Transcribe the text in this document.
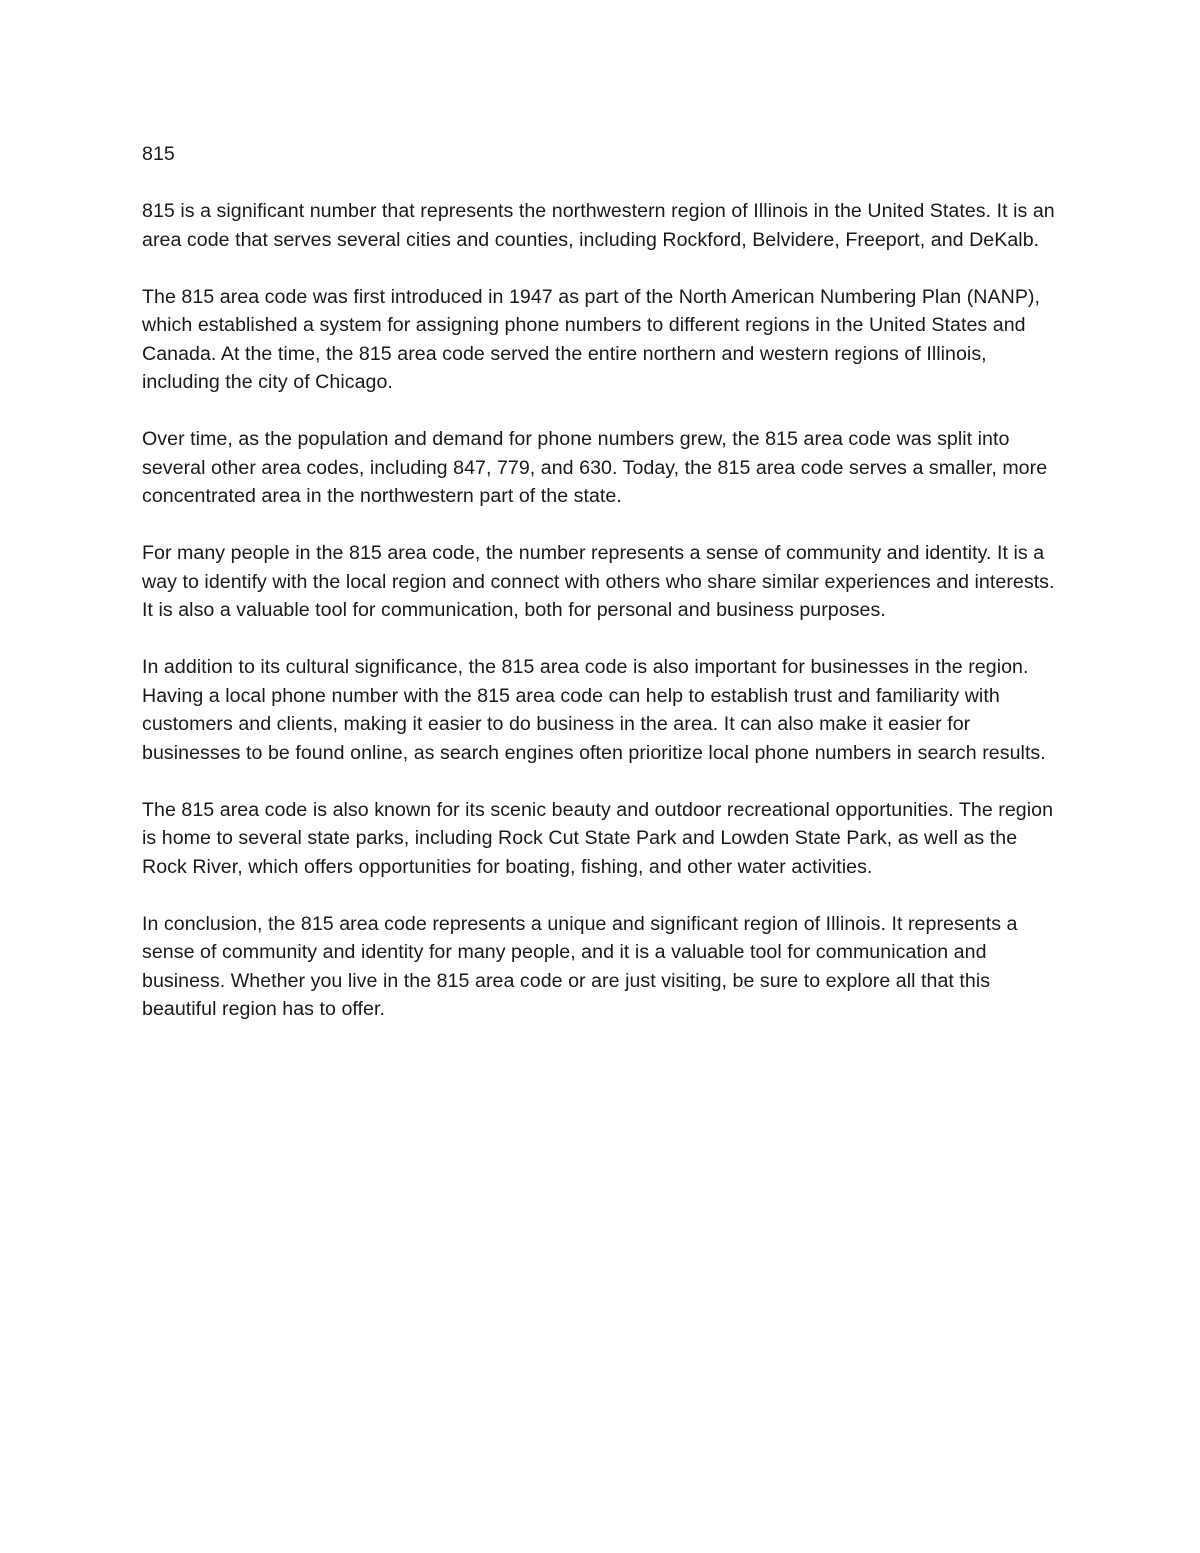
815

815 is a significant number that represents the northwestern region of Illinois in the United States. It is an area code that serves several cities and counties, including Rockford, Belvidere, Freeport, and DeKalb.

The 815 area code was first introduced in 1947 as part of the North American Numbering Plan (NANP), which established a system for assigning phone numbers to different regions in the United States and Canada. At the time, the 815 area code served the entire northern and western regions of Illinois, including the city of Chicago.

Over time, as the population and demand for phone numbers grew, the 815 area code was split into several other area codes, including 847, 779, and 630. Today, the 815 area code serves a smaller, more concentrated area in the northwestern part of the state.

For many people in the 815 area code, the number represents a sense of community and identity. It is a way to identify with the local region and connect with others who share similar experiences and interests. It is also a valuable tool for communication, both for personal and business purposes.

In addition to its cultural significance, the 815 area code is also important for businesses in the region. Having a local phone number with the 815 area code can help to establish trust and familiarity with customers and clients, making it easier to do business in the area. It can also make it easier for businesses to be found online, as search engines often prioritize local phone numbers in search results.

The 815 area code is also known for its scenic beauty and outdoor recreational opportunities. The region is home to several state parks, including Rock Cut State Park and Lowden State Park, as well as the Rock River, which offers opportunities for boating, fishing, and other water activities.

In conclusion, the 815 area code represents a unique and significant region of Illinois. It represents a sense of community and identity for many people, and it is a valuable tool for communication and business. Whether you live in the 815 area code or are just visiting, be sure to explore all that this beautiful region has to offer.
